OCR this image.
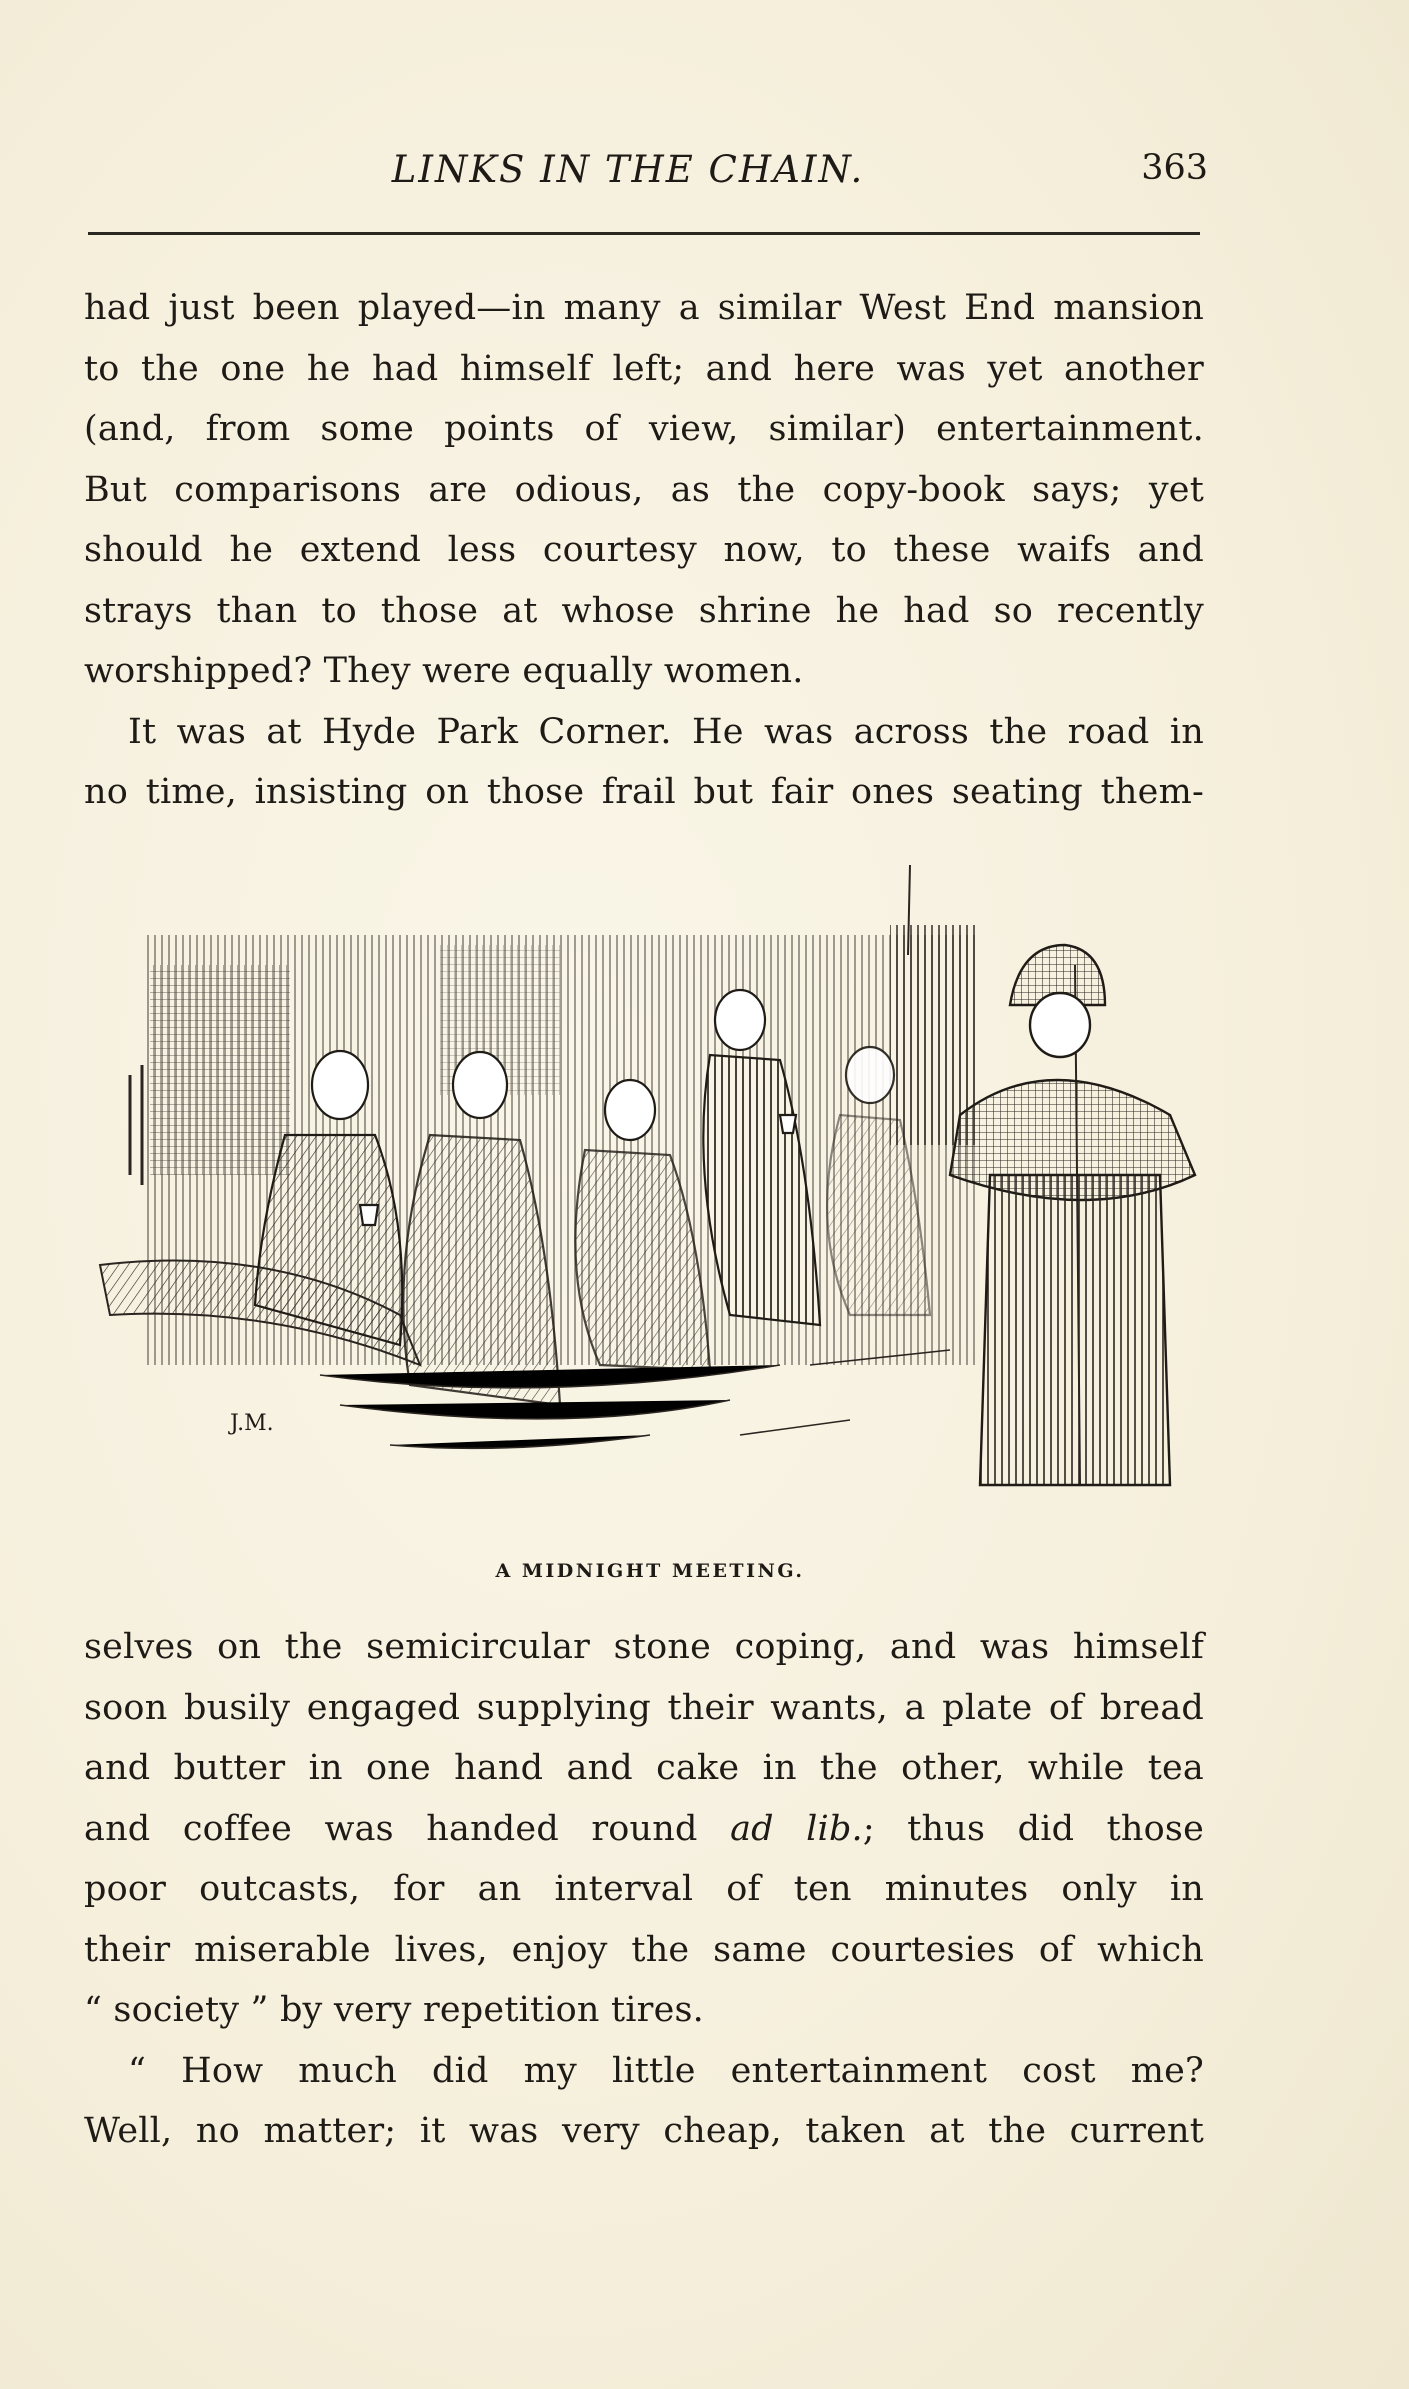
LINKS IN THE CHAIN.	363
had just been played—in many a similar West End mansion
to the one he had himself left; and here was yet another
(and, from some points of view, similar) entertainment.
But comparisons are odious, as the copy-book says; yet
should he extend less courtesy now, to these waifs and
strays than to those at whose shrine he had so recently
worshipped? They were equally women.
It was at Hyde Park Corner. He was across the road in
no time, insisting on those frail but fair ones seating them-
J.M.
A MIDNIGHT MEETING.
selves on the semicircular stone coping, and was himself
soon busily engaged supplying their wants, a plate of bread
and butter in one hand and cake in the other, while tea
and coffee was handed round ad lib.; thus did those
poor outcasts, for an interval of ten minutes only in
their miserable lives, enjoy the same courtesies of which
“ society ” by very repetition tires.
“ How much did my little entertainment cost me?
Well, no matter; it was very cheap, taken at the current
